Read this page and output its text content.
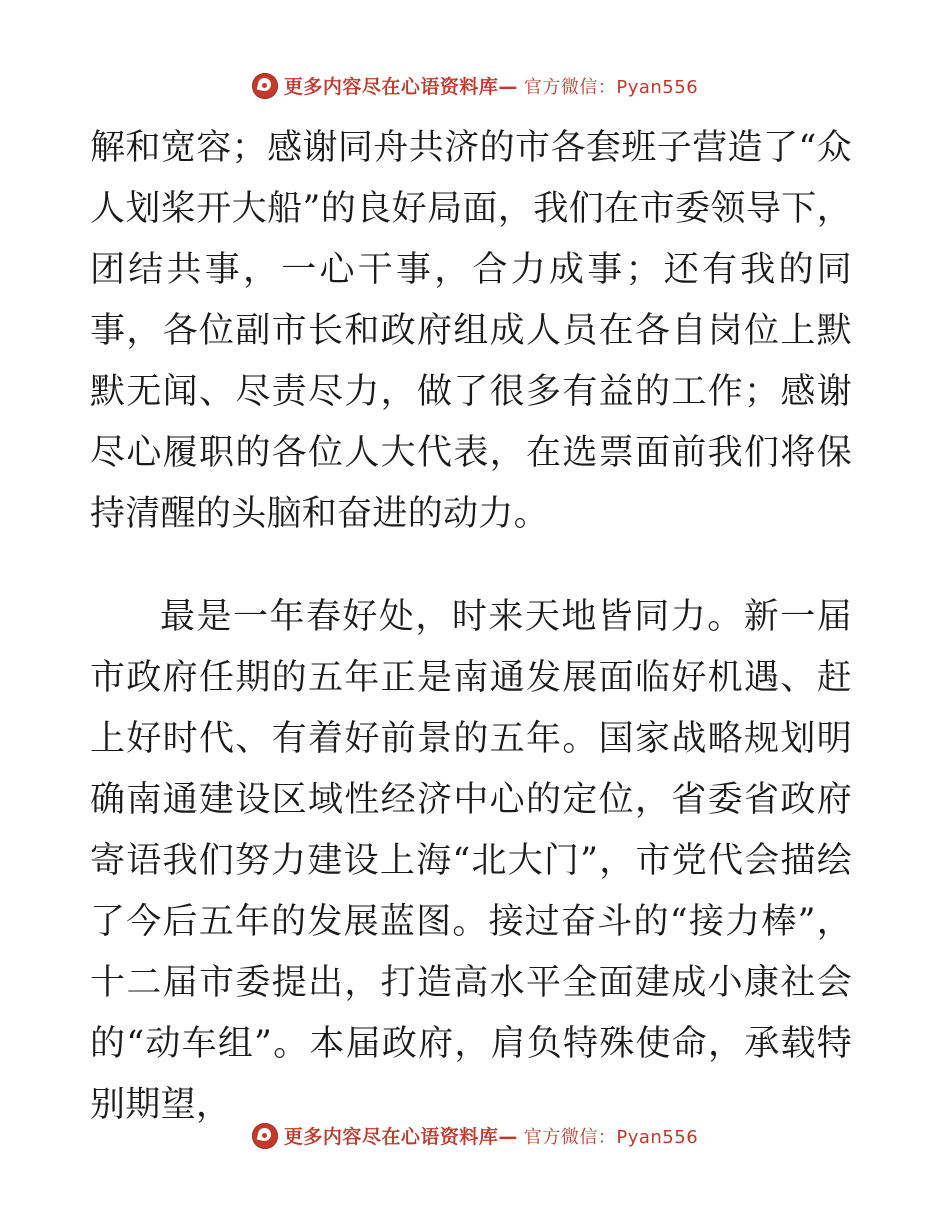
更多内容尽在心语资料库— 官方微信：Pyan556

解和宽容；感谢同舟共济的市各套班子营造了“众人划桨开大船”的良好局面，我们在市委领导下，团结共事，一心干事，合力成事；还有我的同事，各位副市长和政府组成人员在各自岗位上默默无闻、尽责尽力，做了很多有益的工作；感谢尽心履职的各位人大代表，在选票面前我们将保持清醒的头脑和奋进的动力。

最是一年春好处，时来天地皆同力。新一届市政府任期的五年正是南通发展面临好机遇、赶上好时代、有着好前景的五年。国家战略规划明确南通建设区域性经济中心的定位，省委省政府寄语我们努力建设上海“北大门”，市党代会描绘了今后五年的发展蓝图。接过奋斗的“接力棒”，十二届市委提出，打造高水平全面建成小康社会的“动车组”。本届政府，肩负特殊使命，承载特别期望，

更多内容尽在心语资料库— 官方微信：Pyan556
